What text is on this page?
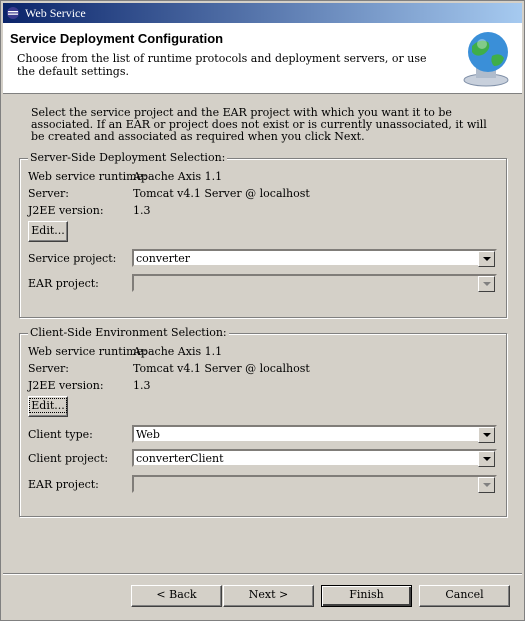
Web Service
Service Deployment Configuration
Choose from the list of runtime protocols and deployment servers, or use the default settings.
Select the service project and the EAR project with which you want it to be associated. If an EAR or project does not exist or is currently unassociated, it will be created and associated as required when you click Next.
Server-Side Deployment Selection:
Web service runtime:
Apache Axis 1.1
Server:	Tomcat v4.1 Server @ localhost
J2EE version:	1.3
Edit...
Service project: converter
EAR project:
Client-Side Environment Selection:
Web service runtime:
Apache Axis 1.1
Server:	Tomcat v4.1 Server @ localhost
J2EE version:	1.3
Edit...
Client type:	Web
Client project:	converterClient
EAR project:
< Back	Next >	Finish	Cancel
